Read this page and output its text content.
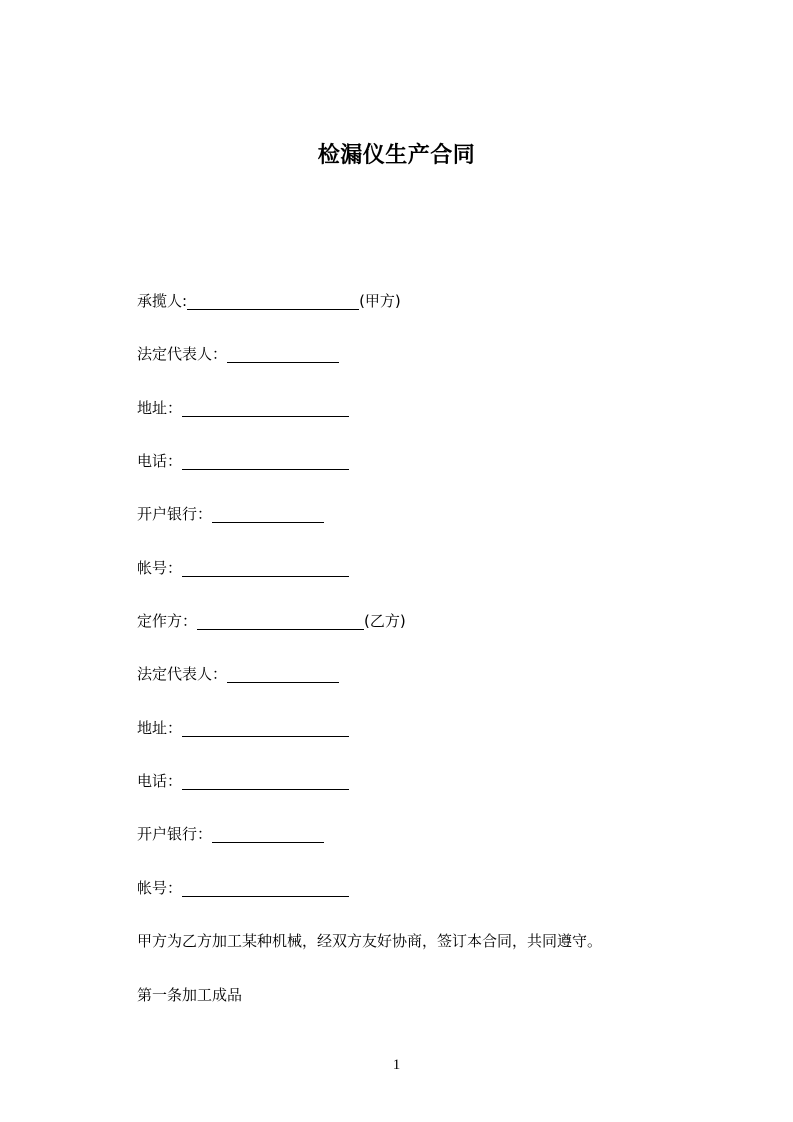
检漏仪生产合同
承揽人:	(甲方)
法定代表人：
地址：
电话：
开户银行：
帐号：
定作方：	(乙方)
法定代表人：
地址：
电话：
开户银行：
帐号：
甲方为乙方加工某种机械，经双方友好协商，签订本合同，共同遵守。
第一条加工成品
1
